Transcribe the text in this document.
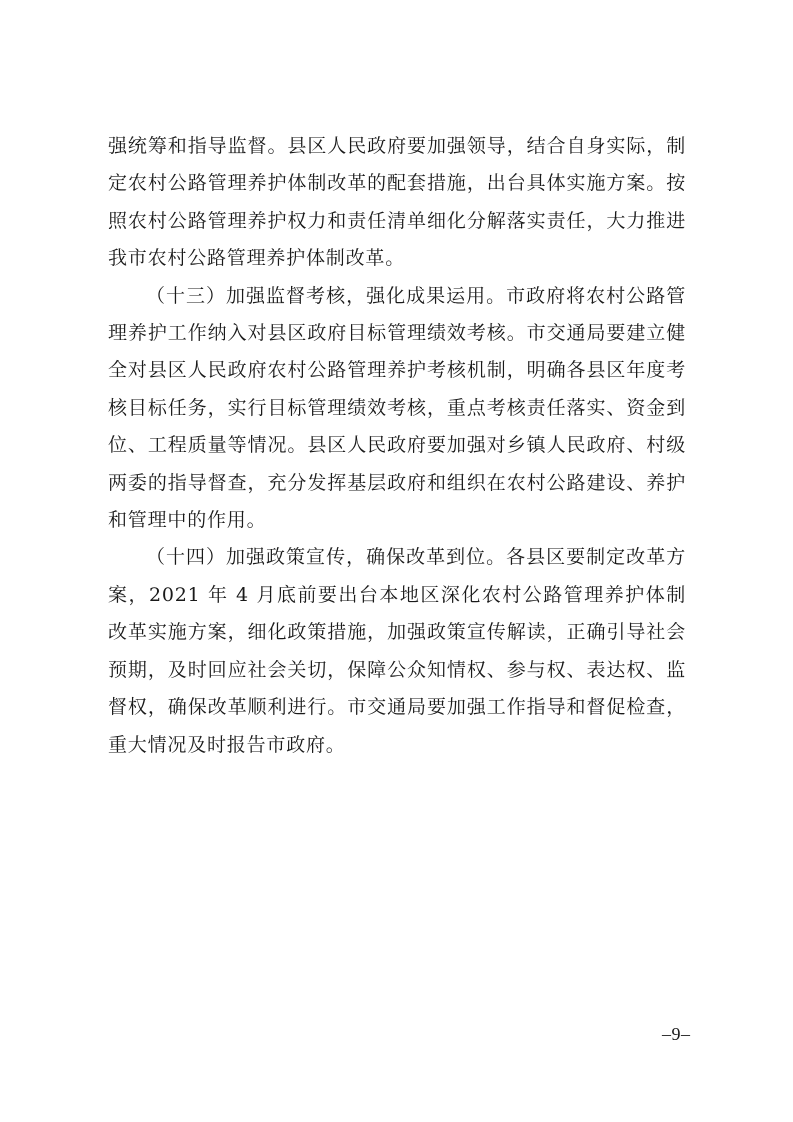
强统筹和指导监督。县区人民政府要加强领导，结合自身实际，制定农村公路管理养护体制改革的配套措施，出台具体实施方案。按照农村公路管理养护权力和责任清单细化分解落实责任，大力推进我市农村公路管理养护体制改革。

（十三）加强监督考核，强化成果运用。市政府将农村公路管理养护工作纳入对县区政府目标管理绩效考核。市交通局要建立健全对县区人民政府农村公路管理养护考核机制，明确各县区年度考核目标任务，实行目标管理绩效考核，重点考核责任落实、资金到位、工程质量等情况。县区人民政府要加强对乡镇人民政府、村级两委的指导督查，充分发挥基层政府和组织在农村公路建设、养护和管理中的作用。

（十四）加强政策宣传，确保改革到位。各县区要制定改革方案，2021 年 4 月底前要出台本地区深化农村公路管理养护体制改革实施方案，细化政策措施，加强政策宣传解读，正确引导社会预期，及时回应社会关切，保障公众知情权、参与权、表达权、监督权，确保改革顺利进行。市交通局要加强工作指导和督促检查，重大情况及时报告市政府。

–9–
